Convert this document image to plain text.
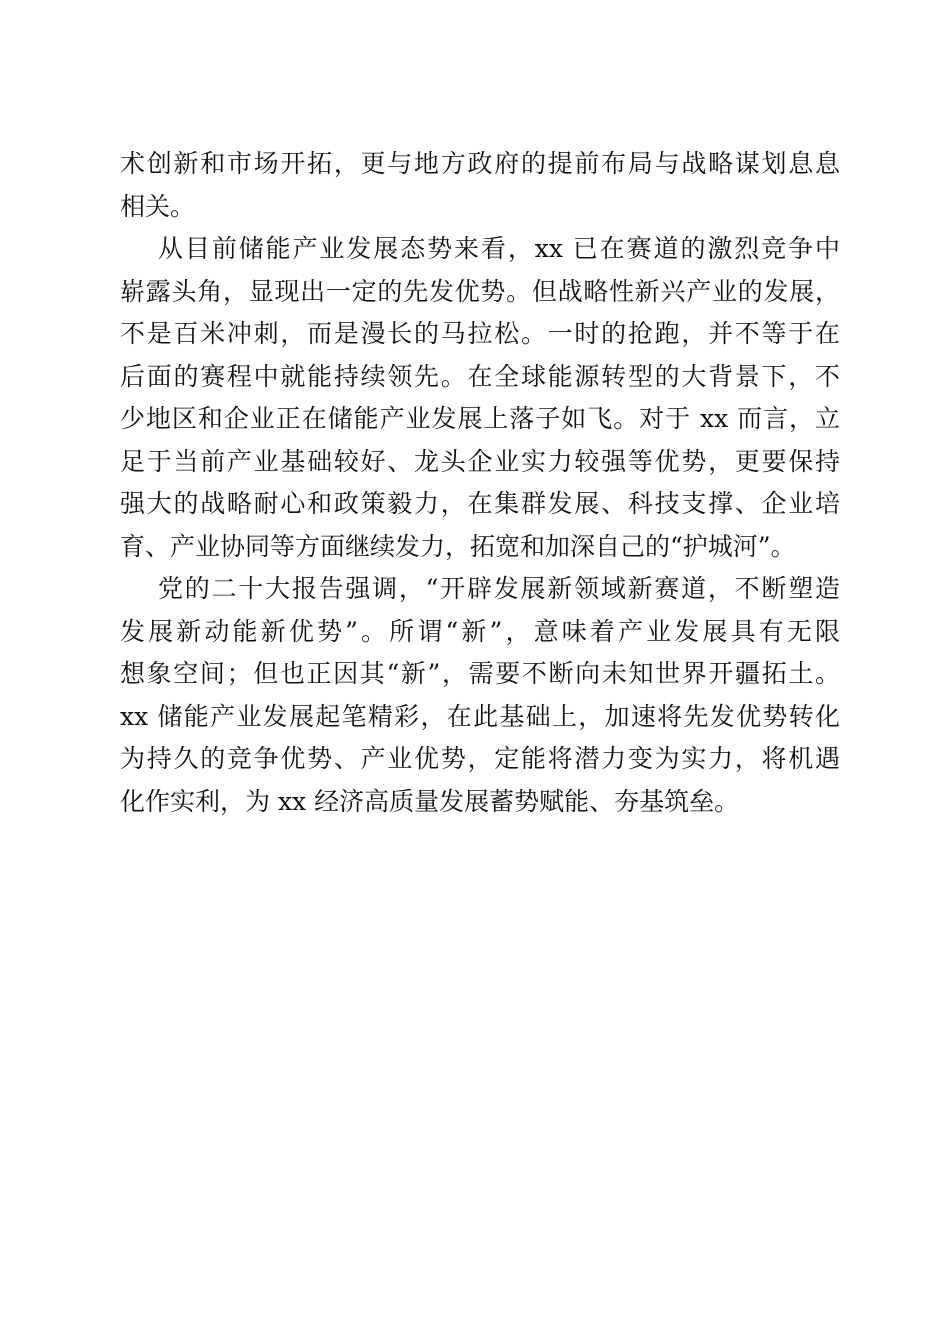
术创新和市场开拓，更与地方政府的提前布局与战略谋划息息
相关。
从目前储能产业发展态势来看，xx 已在赛道的激烈竞争中
崭露头角，显现出一定的先发优势。但战略性新兴产业的发展，
不是百米冲刺，而是漫长的马拉松。一时的抢跑，并不等于在
后面的赛程中就能持续领先。在全球能源转型的大背景下，不
少地区和企业正在储能产业发展上落子如飞。对于 xx 而言，立
足于当前产业基础较好、龙头企业实力较强等优势，更要保持
强大的战略耐心和政策毅力，在集群发展、科技支撑、企业培
育、产业协同等方面继续发力，拓宽和加深自己的“护城河”。
党的二十大报告强调，“开辟发展新领域新赛道，不断塑造
发展新动能新优势”。所谓“新”，意味着产业发展具有无限
想象空间；但也正因其“新”，需要不断向未知世界开疆拓土。
xx 储能产业发展起笔精彩，在此基础上，加速将先发优势转化
为持久的竞争优势、产业优势，定能将潜力变为实力，将机遇
化作实利，为 xx 经济高质量发展蓄势赋能、夯基筑垒。
